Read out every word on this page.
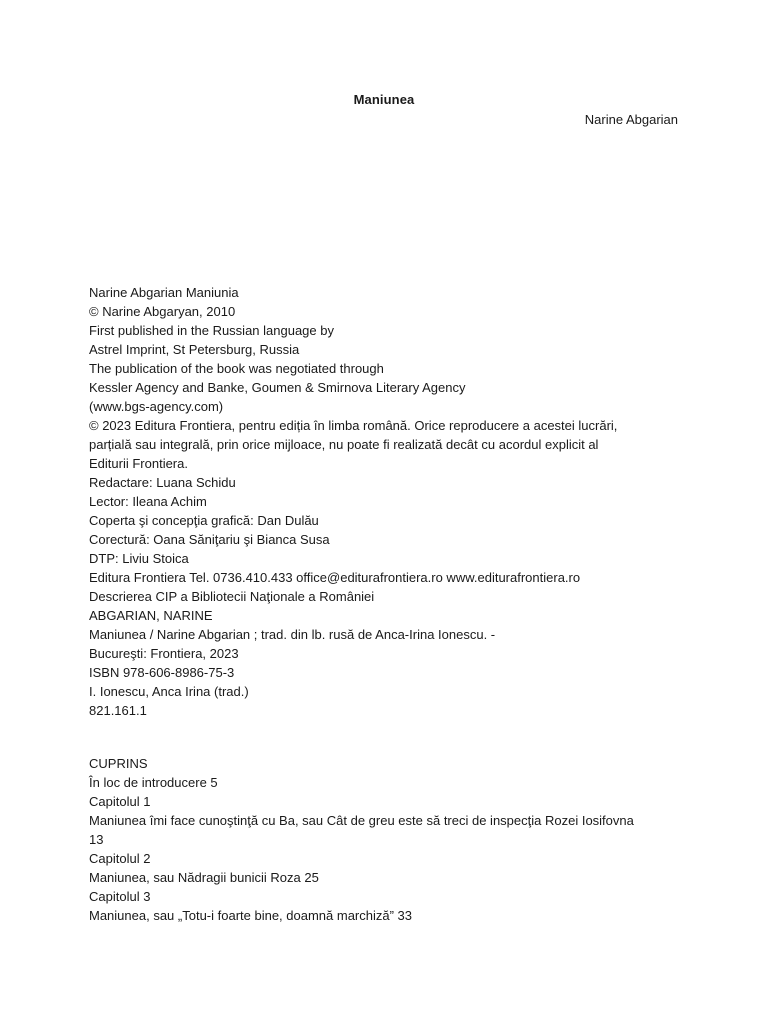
Maniunea
Narine Abgarian
Narine Abgarian Maniunia
© Narine Abgaryan, 2010
First published in the Russian language by
Astrel Imprint, St Petersburg, Russia
The publication of the book was negotiated through
Kessler Agency and Banke, Goumen & Smirnova Literary Agency
(www.bgs-agency.com)
© 2023 Editura Frontiera, pentru ediția în limba română. Orice reproducere a acestei lucrări,
parțială sau integrală, prin orice mijloace, nu poate fi realizată decât cu acordul explicit al
Editurii Frontiera.
Redactare: Luana Schidu
Lector: Ileana Achim
Coperta şi concepţia grafică: Dan Dulău
Corectură: Oana Săniţariu şi Bianca Susa
DTP: Liviu Stoica
Editura Frontiera Tel. 0736.410.433 office@editurafrontiera.ro www.editurafrontiera.ro
Descrierea CIP a Bibliotecii Naţionale a României
ABGARIAN, NARINE
Maniunea / Narine Abgarian ; trad. din lb. rusă de Anca-Irina Ionescu. -
Bucureşti: Frontiera, 2023
ISBN 978-606-8986-75-3
I. Ionescu, Anca Irina (trad.)
821.161.1
CUPRINS
În loc de introducere 5
Capitolul 1
Maniunea îmi face cunoştinţă cu Ba, sau Cât de greu este să treci de inspecţia Rozei Iosifovna
13
Capitolul 2
Maniunea, sau Nădragii bunicii Roza 25
Capitolul 3
Maniunea, sau „Totu-i foarte bine, doamnă marchiză” 33
